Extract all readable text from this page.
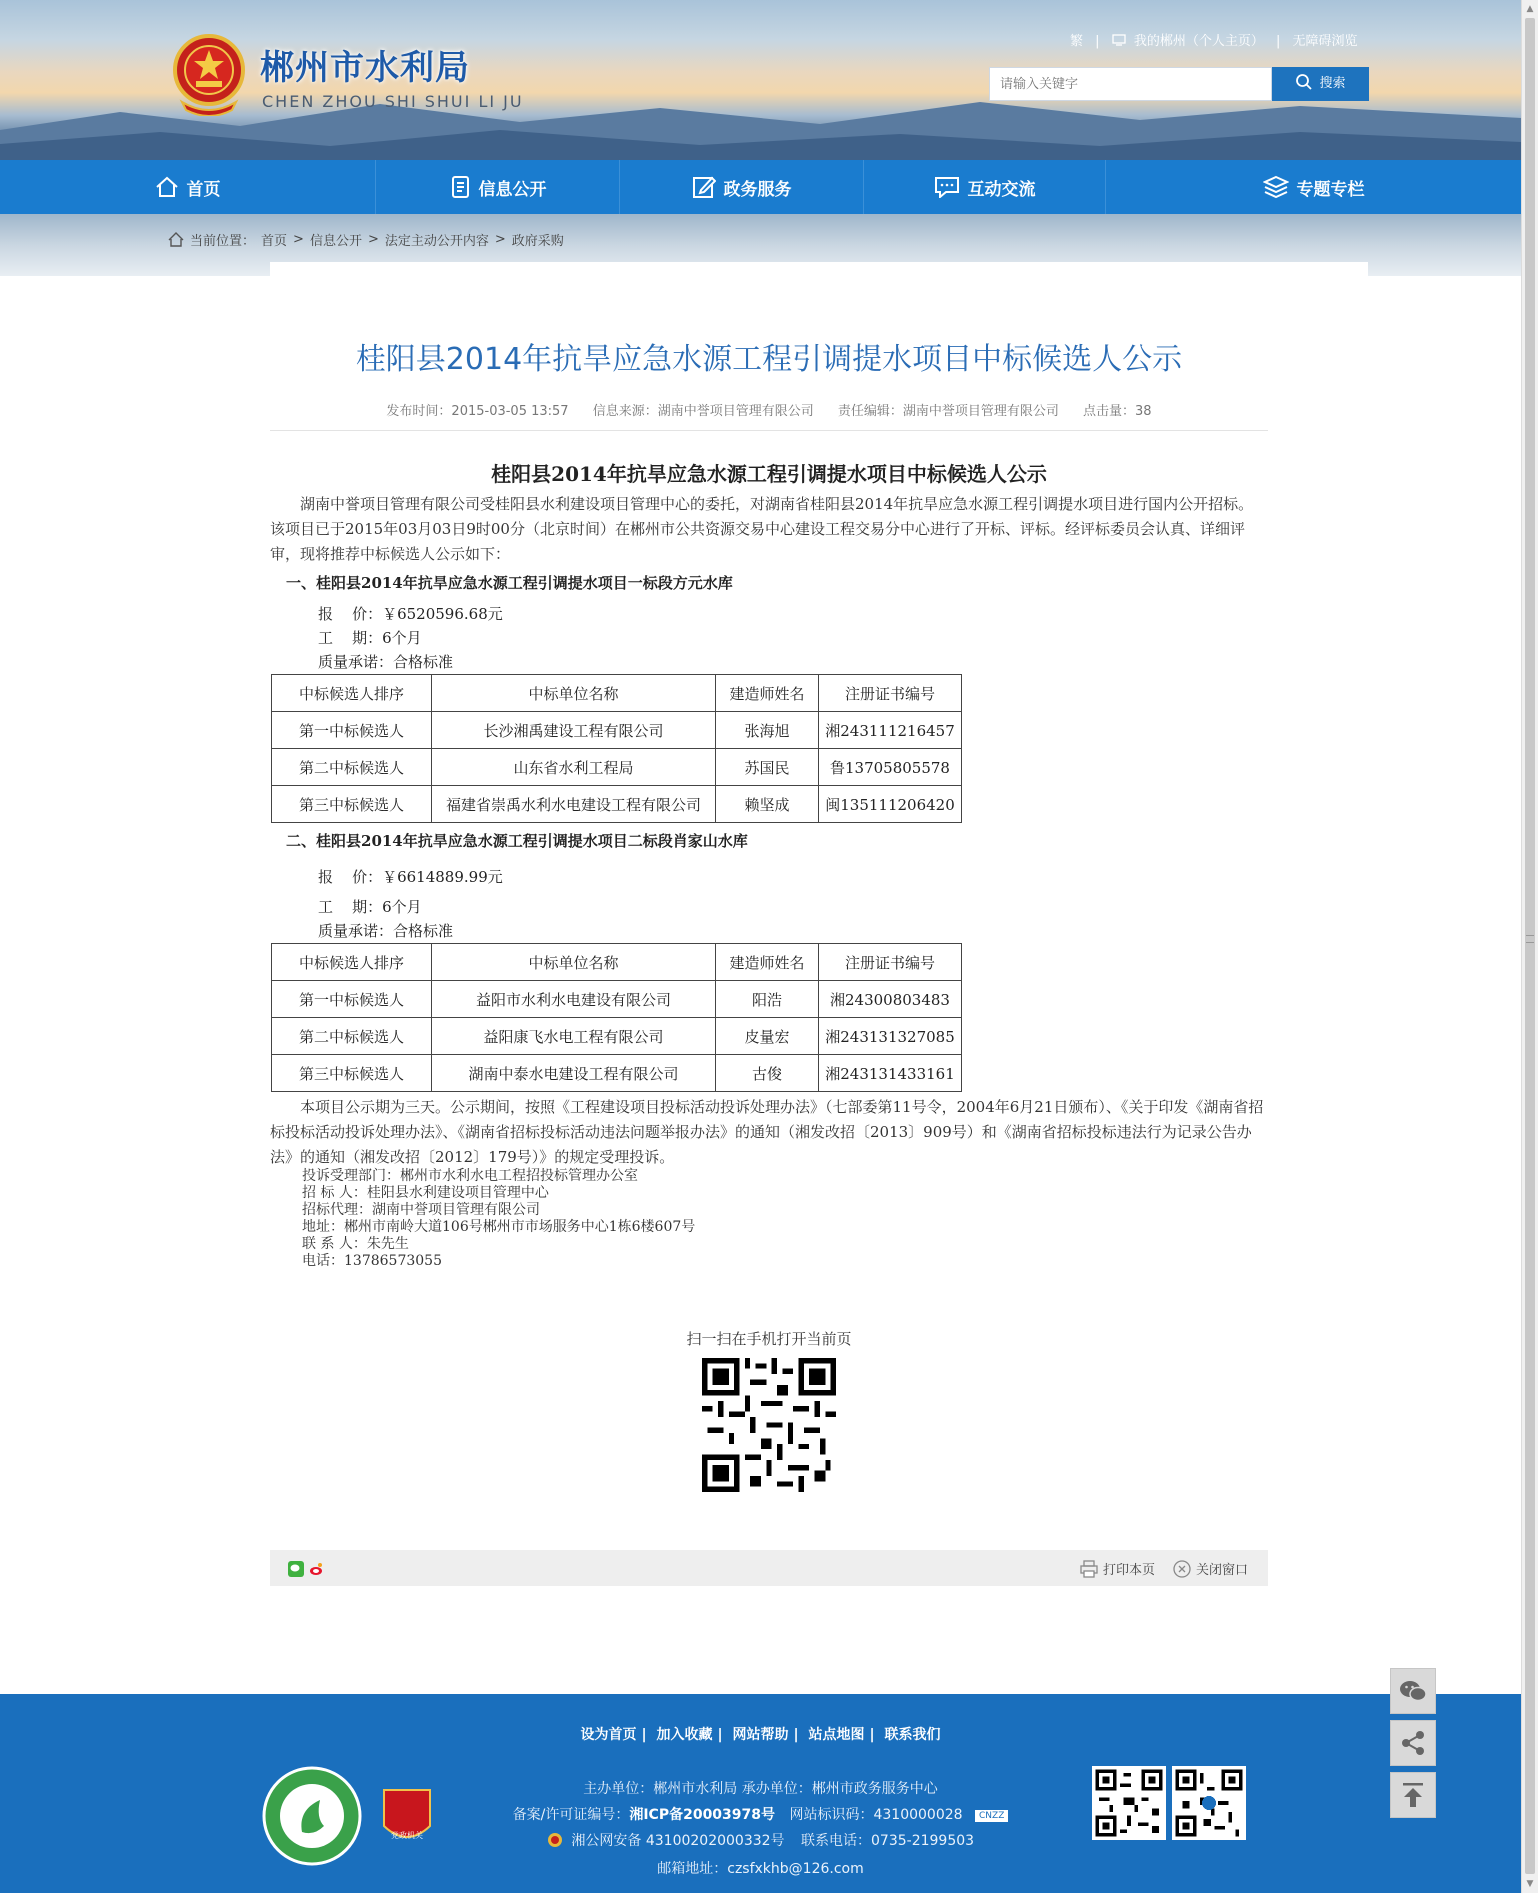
郴州市水利局
CHEN ZHOU SHI SHUI LI JU
繁 |	我的郴州（个人主页） | 无障碍浏览
请输入关键字
搜索
首页	信息公开	政务服务	互动交流	专题专栏
当前位置： 首页 > 信息公开 > 法定主动公开内容 > 政府采购
桂阳县2014年抗旱应急水源工程引调提水项目中标候选人公示
发布时间：2015-03-05 13:57 信息来源：湖南中誉项目管理有限公司 责任编辑：湖南中誉项目管理有限公司 点击量：38
桂阳县2014年抗旱应急水源工程引调提水项目中标候选人公示
湖南中誉项目管理有限公司受桂阳县水利建设项目管理中心的委托，对湖南省桂阳县2014年抗旱应急水源工程引调提水项目进行国内公开招标。该项目已于2015年03月03日9时00分（北京时间）在郴州市公共资源交易中心建设工程交易分中心进行了开标、评标。经评标委员会认真、详细评审，现将推荐中标候选人公示如下：
一、桂阳县2014年抗旱应急水源工程引调提水项目一标段方元水库
报    价：￥6520596.68元
工    期：6个月
质量承诺：合格标准
中标候选人排序	中标单位名称	建造师姓名	注册证书编号
第一中标候选人	长沙湘禹建设工程有限公司	张海旭	湘243111216457
第二中标候选人	山东省水利工程局	苏国民	鲁13705805578
第三中标候选人	福建省崇禹水利水电建设工程有限公司	赖坚成	闽135111206420
二、桂阳县2014年抗旱应急水源工程引调提水项目二标段肖家山水库
报    价：￥6614889.99元
工    期：6个月
质量承诺：合格标准
中标候选人排序	中标单位名称	建造师姓名	注册证书编号
第一中标候选人	益阳市水利水电建设有限公司	阳浩	湘24300803483
第二中标候选人	益阳康飞水电工程有限公司	皮量宏	湘243131327085
第三中标候选人	湖南中泰水电建设工程有限公司	古俊	湘243131433161
本项目公示期为三天。公示期间，按照《工程建设项目投标活动投诉处理办法》（七部委第11号令，2004年6月21日颁布）、《关于印发《湖南省招标投标活动投诉处理办法》、《湖南省招标投标活动违法问题举报办法》的通知（湘发改招〔2013〕909号）和《湖南省招标投标违法行为记录公告办法》的通知（湘发改招〔2012〕179号）》的规定受理投诉。
投诉受理部门：郴州市水利水电工程招投标管理办公室
招 标 人：桂阳县水利建设项目管理中心
招标代理：湖南中誉项目管理有限公司
地址：郴州市南岭大道106号郴州市市场服务中心1栋6楼607号
联 系 人：朱先生
电话：13786573055
扫一扫在手机打开当前页
打印本页	关闭窗口
设为首页 | 加入收藏 | 网站帮助 | 站点地图 | 联系我们
党政机关
主办单位：郴州市水利局 承办单位：郴州市政务服务中心
备案/许可证编号：湘ICP备20003978号 网站标识码：4310000028 CNZZ
湘公网安备 43100202000332号 联系电话：0735-2199503
邮箱地址：czsfxkhb@126.com
▲
▼
